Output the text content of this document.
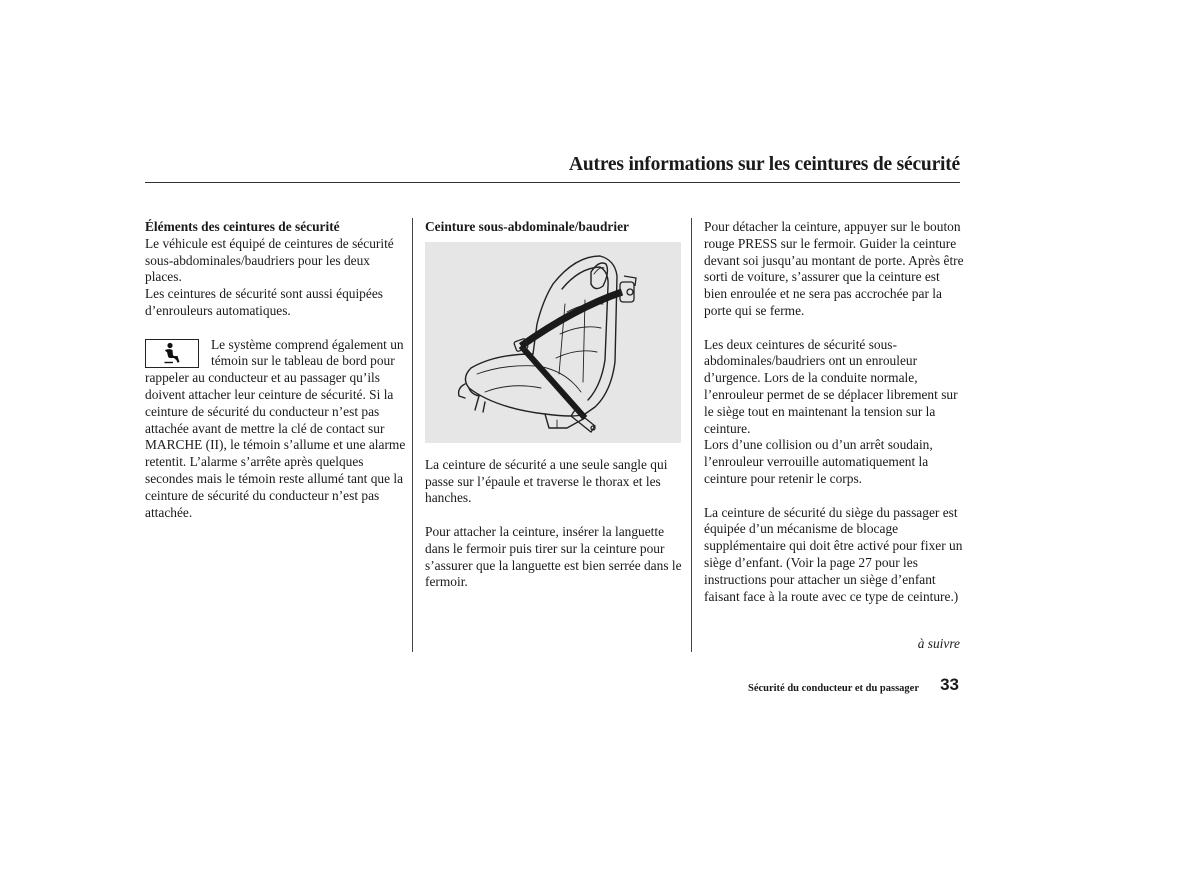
Autres informations sur les ceintures de sécurité

Éléments des ceintures de sécurité

Le véhicule est équipé de ceintures de sécurité sous-abdominales/baudriers pour les deux places.

Les ceintures de sécurité sont aussi équipées d’enrouleurs automatiques.

Le système comprend également un témoin sur le tableau de bord pour rappeler au conducteur et au passager qu’ils doivent attacher leur ceinture de sécurité. Si la ceinture de sécurité du conducteur n’est pas attachée avant de mettre la clé de contact sur MARCHE (II), le témoin s’allume et une alarme retentit. L’alarme s’arrête après quelques secondes mais le témoin reste allumé tant que la ceinture de sécurité du conducteur n’est pas attachée.

Ceinture sous-abdominale/baudrier

La ceinture de sécurité a une seule sangle qui passe sur l’épaule et traverse le thorax et les hanches.

Pour attacher la ceinture, insérer la languette dans le fermoir puis tirer sur la ceinture pour s’assurer que la languette est bien serrée dans le fermoir.

Pour détacher la ceinture, appuyer sur le bouton rouge PRESS sur le fermoir. Guider la ceinture devant soi jusqu’au montant de porte. Après être sorti de voiture, s’assurer que la ceinture est bien enroulée et ne sera pas accrochée par la porte qui se ferme.

Les deux ceintures de sécurité sous-abdominales/baudriers ont un enrouleur d’urgence. Lors de la conduite normale, l’enrouleur permet de se déplacer librement sur le siège tout en maintenant la tension sur la ceinture.

Lors d’une collision ou d’un arrêt soudain, l’enrouleur verrouille automatiquement la ceinture pour retenir le corps.

La ceinture de sécurité du siège du passager est équipée d’un mécanisme de blocage supplémentaire qui doit être activé pour fixer un siège d’enfant. (Voir la page 27 pour les instructions pour attacher un siège d’enfant faisant face à la route avec ce type de ceinture.)

à suivre
Sécurité du conducteur et du passager 33
